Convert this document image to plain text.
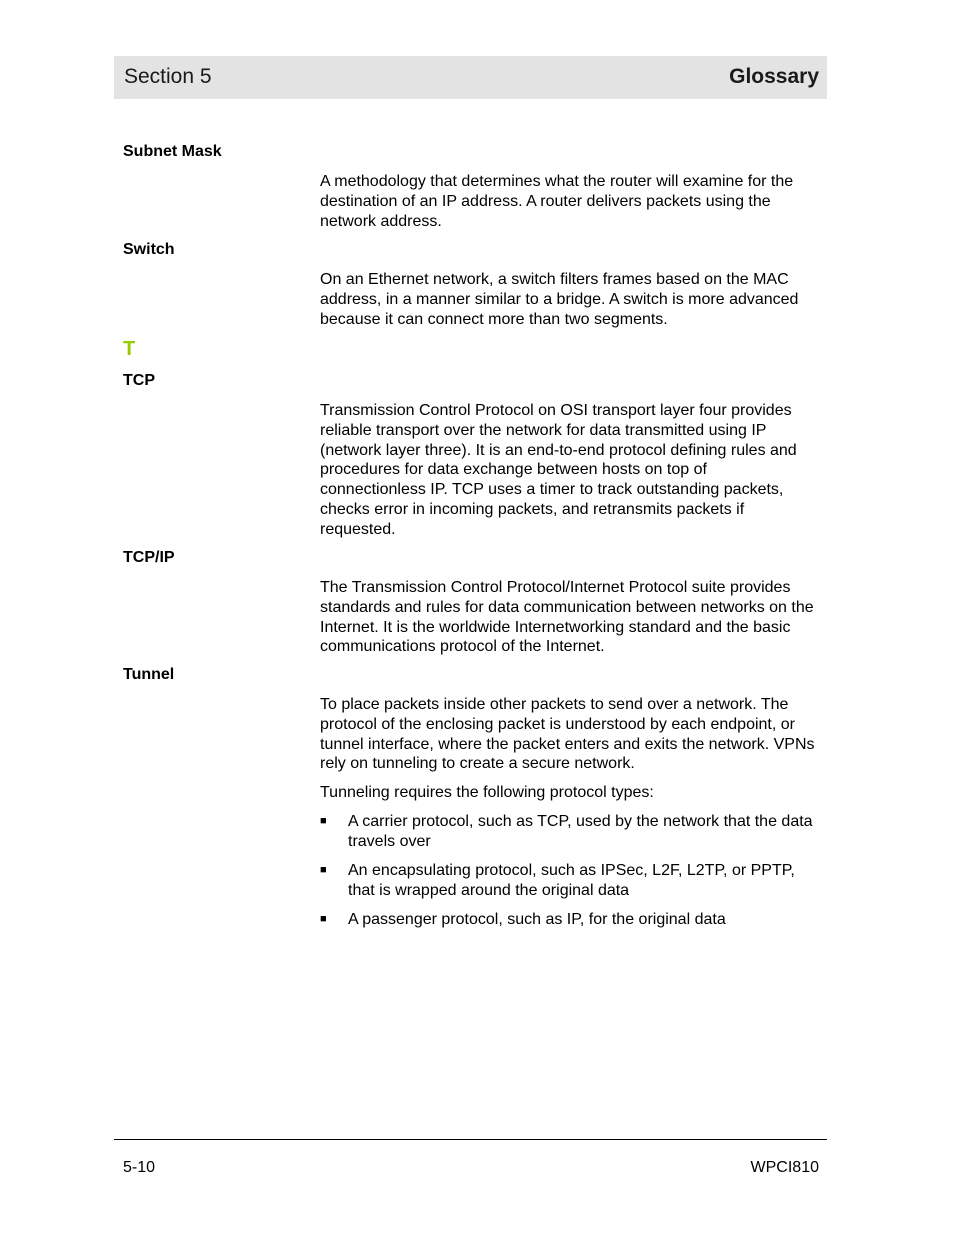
Section 5	Glossary

Subnet Mask

A methodology that determines what the router will examine for the destination of an IP address. A router delivers packets using the network address.

Switch

On an Ethernet network, a switch filters frames based on the MAC address, in a manner similar to a bridge. A switch is more advanced because it can connect more than two segments.

T

TCP

Transmission Control Protocol on OSI transport layer four provides reliable transport over the network for data transmitted using IP (network layer three). It is an end-to-end protocol defining rules and procedures for data exchange between hosts on top of connectionless IP. TCP uses a timer to track outstanding packets, checks error in incoming packets, and retransmits packets if requested.

TCP/IP

The Transmission Control Protocol/Internet Protocol suite provides standards and rules for data communication between networks on the Internet. It is the worldwide Internetworking standard and the basic communications protocol of the Internet.

Tunnel

To place packets inside other packets to send over a network. The protocol of the enclosing packet is understood by each endpoint, or tunnel interface, where the packet enters and exits the network. VPNs rely on tunneling to create a secure network.

Tunneling requires the following protocol types:

■ A carrier protocol, such as TCP, used by the network that the data travels over
■ An encapsulating protocol, such as IPSec, L2F, L2TP, or PPTP, that is wrapped around the original data
■ A passenger protocol, such as IP, for the original data
5-10	WPCI810
